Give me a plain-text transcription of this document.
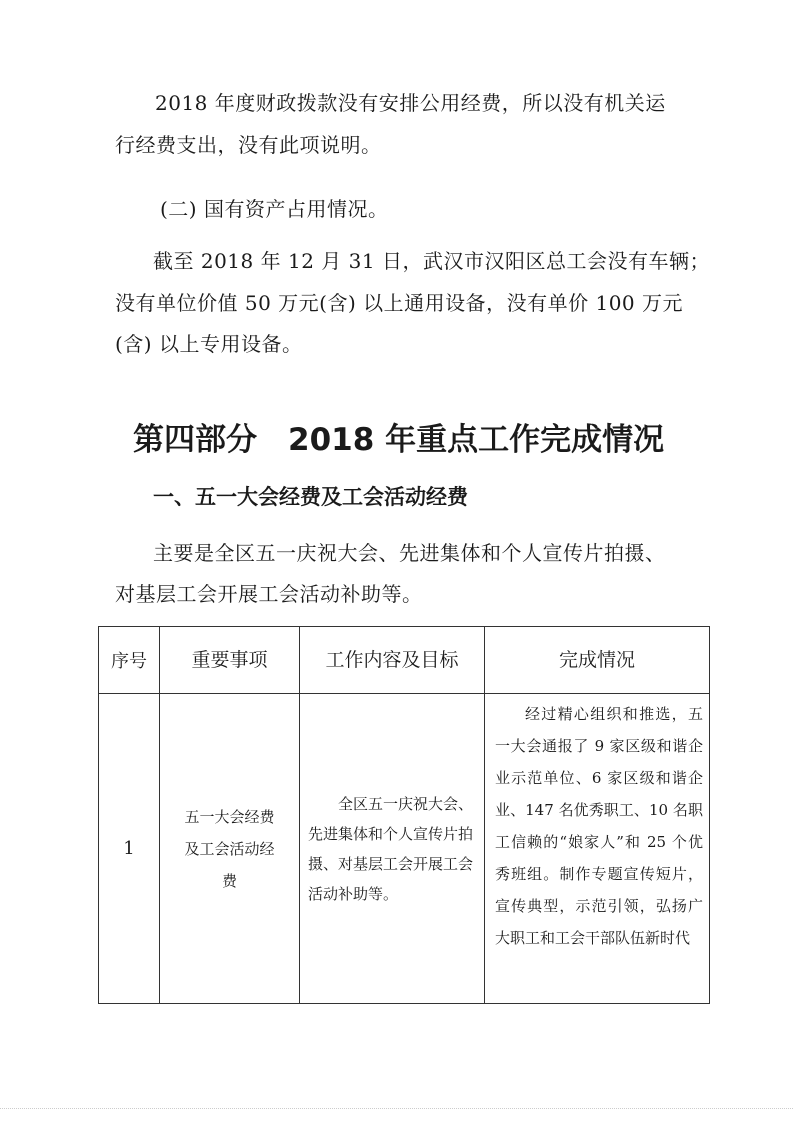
2018 年度财政拨款没有安排公用经费，所以没有机关运
行经费支出，没有此项说明。
(二) 国有资产占用情况。
截至 2018 年 12 月 31 日，武汉市汉阳区总工会没有车辆；
没有单位价值 50 万元(含) 以上通用设备，没有单价 100 万元
(含) 以上专用设备。
第四部分　2018 年重点工作完成情况
一、五一大会经费及工会活动经费
主要是全区五一庆祝大会、先进集体和个人宣传片拍摄、
对基层工会开展工会活动补助等。
序号	重要事项	工作内容及目标	完成情况
1	五一大会经费及工会活动经费	全区五一庆祝大会、先进集体和个人宣传片拍摄、对基层工会开展工会活动补助等。	经过精心组织和推选，五一大会通报了 9 家区级和谐企业示范单位、6 家区级和谐企业、147 名优秀职工、10 名职工信赖的“娘家人”和 25 个优秀班组。制作专题宣传短片，宣传典型，示范引领，弘扬广大职工和工会干部队伍新时代
